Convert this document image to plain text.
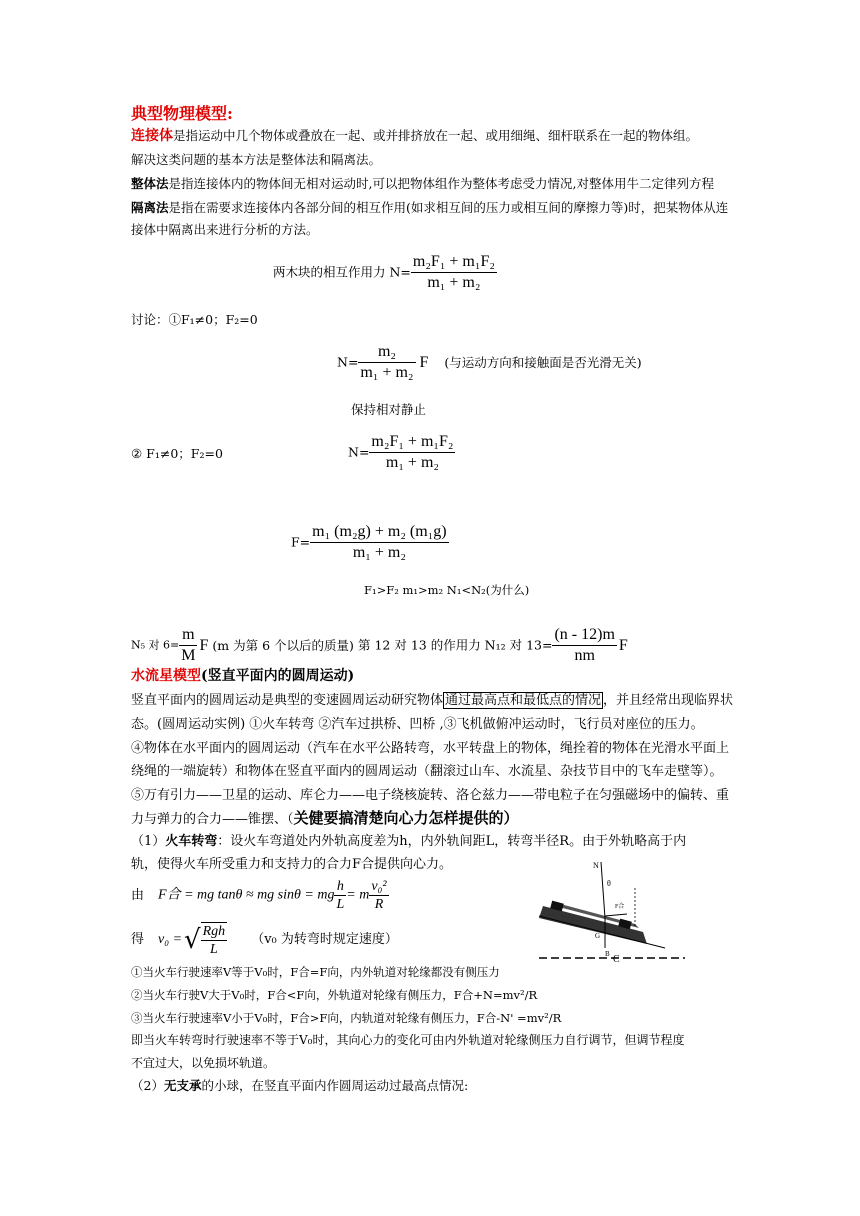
典型物理模型:
连接体是指运动中几个物体或叠放在一起、或并排挤放在一起、或用细绳、细杆联系在一起的物体组。
解决这类问题的基本方法是整体法和隔离法。
整体法是指连接体内的物体间无相对运动时,可以把物体组作为整体考虑受力情况,对整体用牛二定律列方程
隔离法是指在需要求连接体内各部分间的相互作用(如求相互间的压力或相互间的摩擦力等)时，把某物体从连
接体中隔离出来进行分析的方法。
两木块的相互作用力 $N= \frac{\text{m₂F₁ + m₁F₂}}{\text{m₁ + m₂}}$
讨论：①F₁≠0；F₂=0
$N= \frac{\text{m₂}}{\text{m₁ + m₂}}$ F (与运动方向和接触面是否光滑无关)
保持相对静止
② F₁≠0；F₂=0	$N= \frac{\text{m₂F₁ + m₁F₂}}{\text{m₁ + m₂}}$
$F= \frac{\text{m₁ (m₂g) + m₂ (m₁g)}}{\text{m₁ + m₂}}$
F₁>F₂ m₁>m₂ N₁<N₂(为什么)
N₅ 对 $6= \frac{m}{M}$ F (m 为第 6 个以后的质量) 第 12 对 13 的作用力 N₁₂ 对 $13= \frac{(n - 12)m}{nm}$ F
水流星模型(竖直平面内的圆周运动)
竖直平面内的圆周运动是典型的变速圆周运动研究物体 通过最高点和最低点的情况 ，并且经常出现临界状
态。(圆周运动实例) ①火车转弯 ②汽车过拱桥、凹桥 ,③飞机做俯冲运动时，飞行员对座位的压力。
④物体在水平面内的圆周运动（汽车在水平公路转弯，水平转盘上的物体，绳拴着的物体在光滑水平面上
绕绳的一端旋转）和物体在竖直平面内的圆周运动（翻滚过山车、水流星、杂技节目中的飞车走壁等）。
⑤万有引力——卫星的运动、库仑力——电子绕核旋转、洛仑兹力——带电粒子在匀强磁场中的偏转、重
力与弹力的合力——锥摆、（关健要搞清楚向心力怎样提供的）
（1）火车转弯：设火车弯道处内外轨高度差为h，内外轨间距L，转弯半径R。由于外轨略高于内
轨，使得火车所受重力和支持力的合力F合提供向心力。
由 F合 = mg tanθ ≈ mg sinθ = mg $\frac{h}{L} = m \frac{\text{v₀²}}{R}$
得 v₀ =√ $\frac{\text{Rgh}}{L} (v_0$ 为转弯时规定速度）
①当火车行驶速率V等于V₀时，F合=F向，内外轨道对轮缘都没有侧压力
②当火车行驶V大于V₀时，F合<F向，外轨道对轮缘有侧压力，F合+N=mv²/R
③当火车行驶速率V小于V₀时，F合>F向，内轨道对轮缘有侧压力，F合-N' =mv²/R
即当火车转弯时行驶速率不等于V₀时，其向心力的变化可由内外轨道对轮缘侧压力自行调节，但调节程度
不宜过大，以免损坏轨道。
（2）无支承的小球，在竖直平面内作圆周运动过最高点情况:
N
θ
F合
G
B C
